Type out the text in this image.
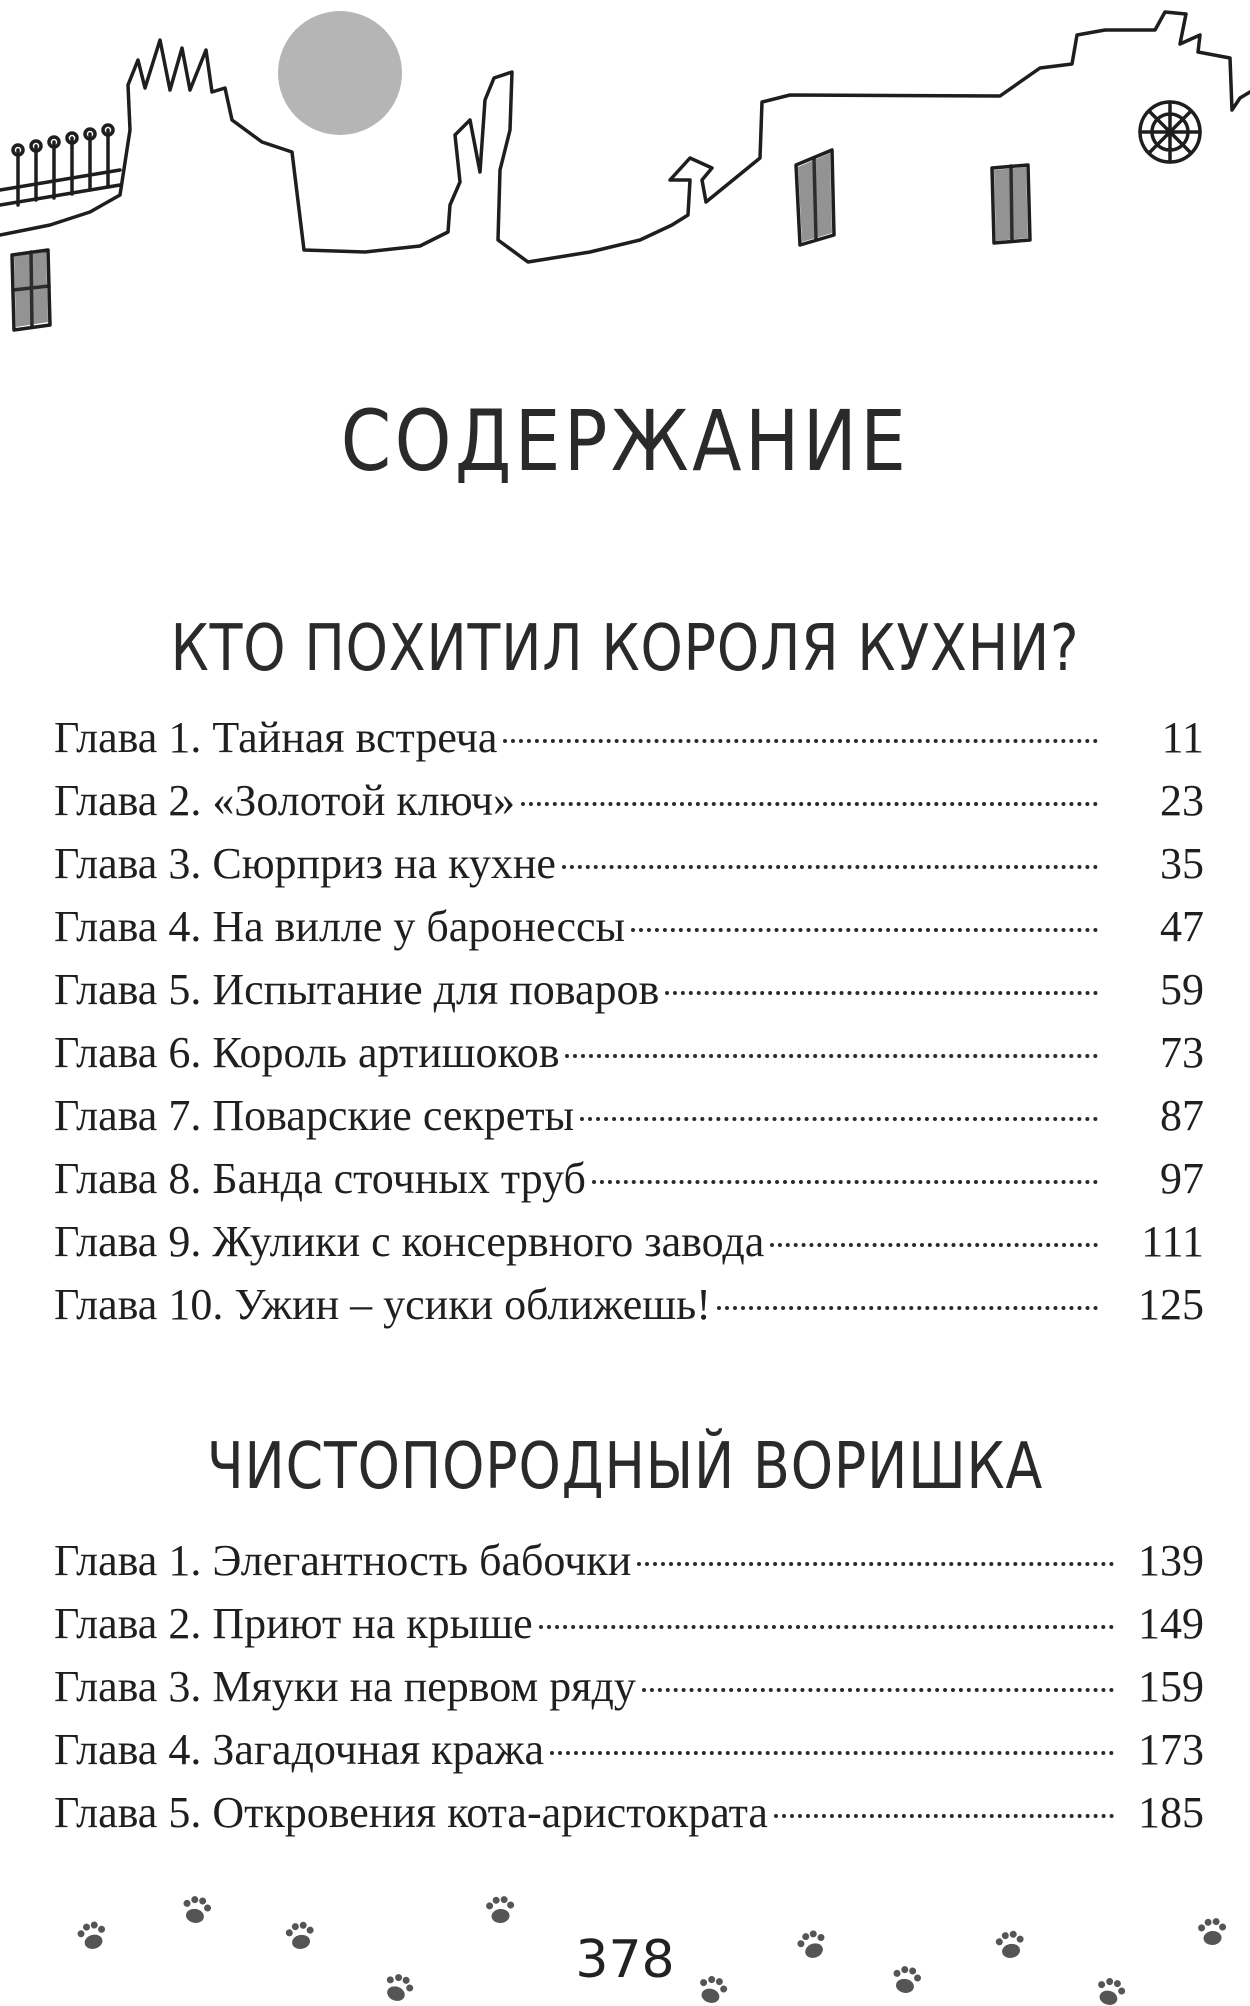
СОДЕРЖАНИЕ
КТО ПОХИТИЛ КОРОЛЯ КУХНИ?
Глава 1. Тайная встреча	11
Глава 2. «Золотой ключ»	23
Глава 3. Сюрприз на кухне	35
Глава 4. На вилле у баронессы	47
Глава 5. Испытание для поваров	59
Глава 6. Король артишоков	73
Глава 7. Поварские секреты	87
Глава 8. Банда сточных труб	97
Глава 9. Жулики с консервного завода	111
Глава 10. Ужин – усики оближешь!	125
ЧИСТОПОРОДНЫЙ ВОРИШКА
Глава 1. Элегантность бабочки	139
Глава 2. Приют на крыше	149
Глава 3. Мяуки на первом ряду	159
Глава 4. Загадочная кража	173
Глава 5. Откровения кота-аристократа	185
378
